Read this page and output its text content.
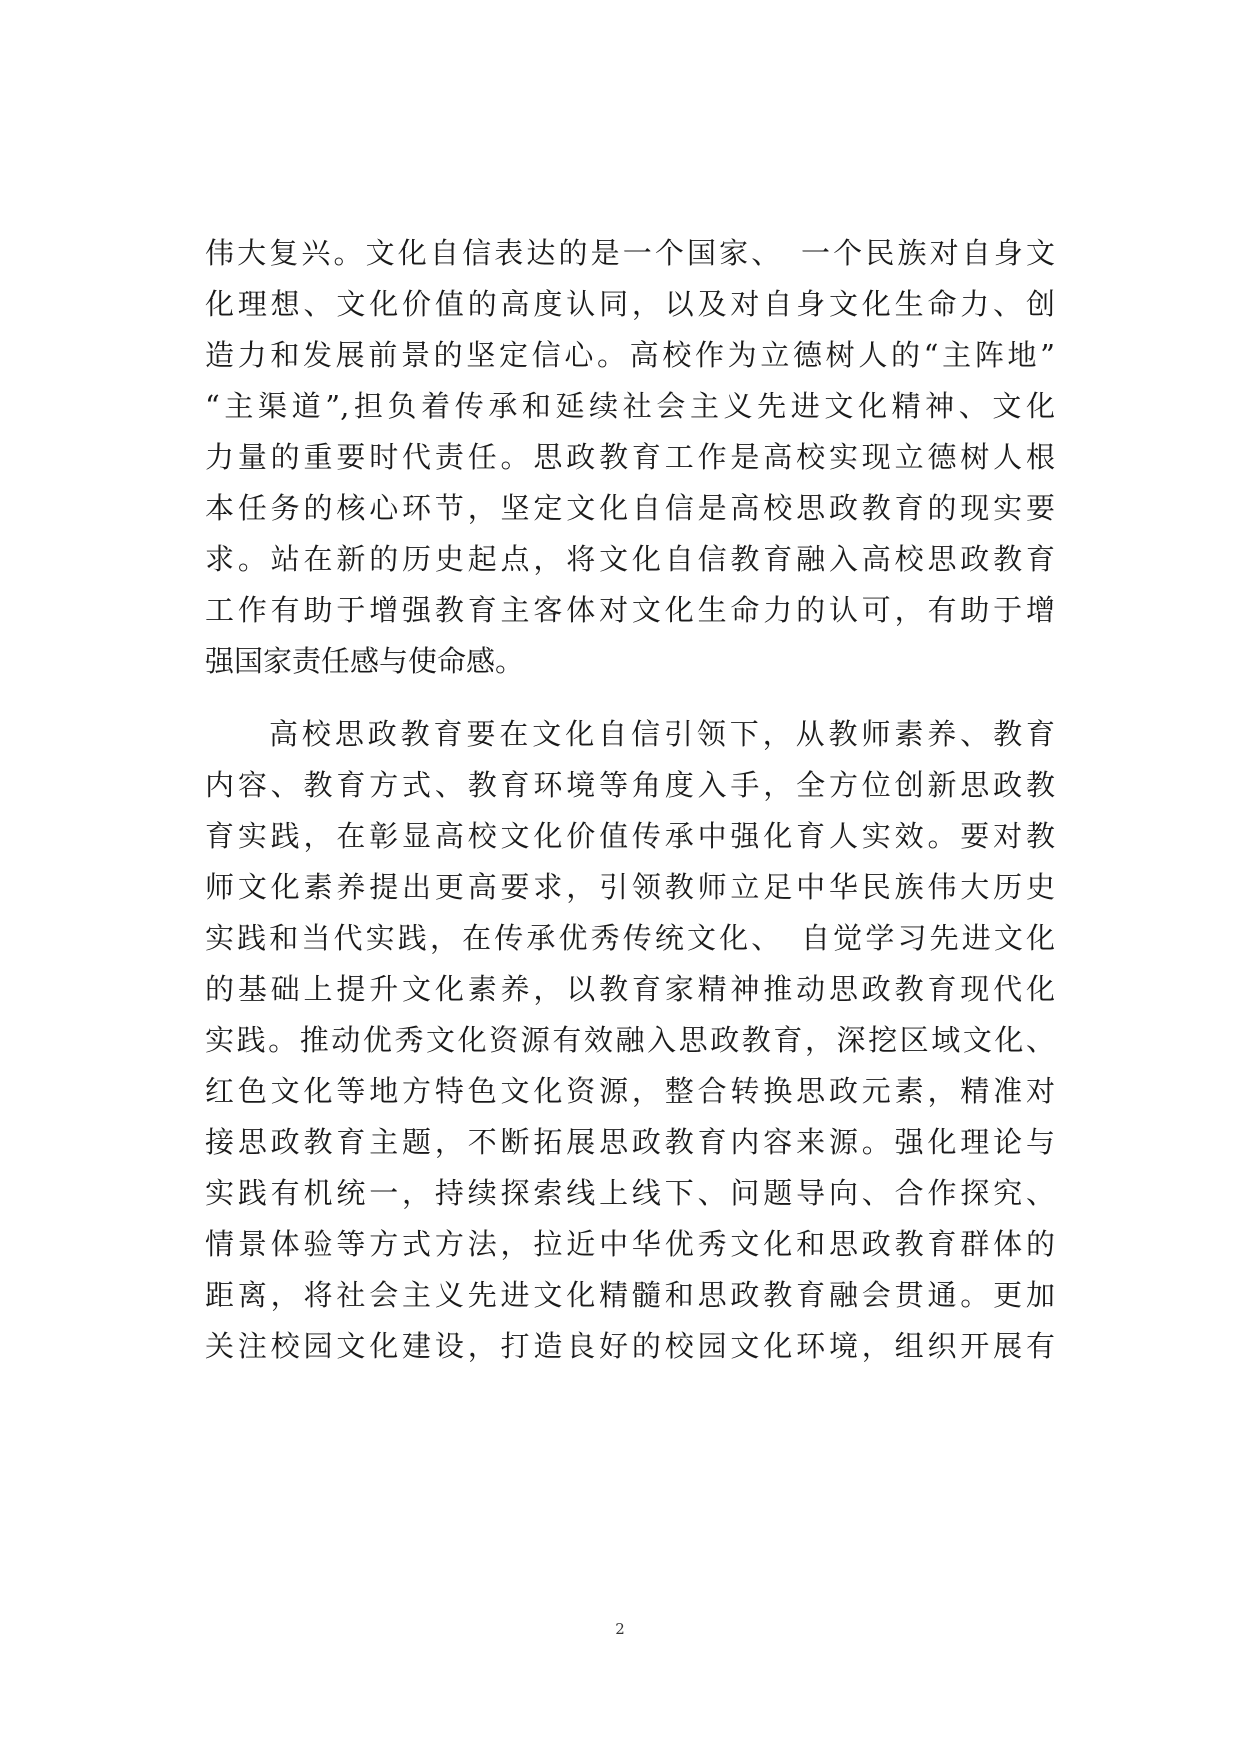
伟大复兴。文化自信表达的是一个国家、　一个民族对自身文
化理想、文化价值的高度认同，以及对自身文化生命力、创
造力和发展前景的坚定信心。高校作为立德树人的“主阵地”
“主渠道”,担负着传承和延续社会主义先进文化精神、文化
力量的重要时代责任。思政教育工作是高校实现立德树人根
本任务的核心环节，坚定文化自信是高校思政教育的现实要
求。站在新的历史起点，将文化自信教育融入高校思政教育
工作有助于增强教育主客体对文化生命力的认可，有助于增
强国家责任感与使命感。
高校思政教育要在文化自信引领下，从教师素养、教育
内容、教育方式、教育环境等角度入手，全方位创新思政教
育实践，在彰显高校文化价值传承中强化育人实效。要对教
师文化素养提出更高要求，引领教师立足中华民族伟大历史
实践和当代实践，在传承优秀传统文化、　自觉学习先进文化
的基础上提升文化素养，以教育家精神推动思政教育现代化
实践。推动优秀文化资源有效融入思政教育，深挖区域文化、
红色文化等地方特色文化资源，整合转换思政元素，精准对
接思政教育主题，不断拓展思政教育内容来源。强化理论与
实践有机统一，持续探索线上线下、问题导向、合作探究、
情景体验等方式方法，拉近中华优秀文化和思政教育群体的
距离，将社会主义先进文化精髓和思政教育融会贯通。更加
关注校园文化建设，打造良好的校园文化环境，组织开展有
2
